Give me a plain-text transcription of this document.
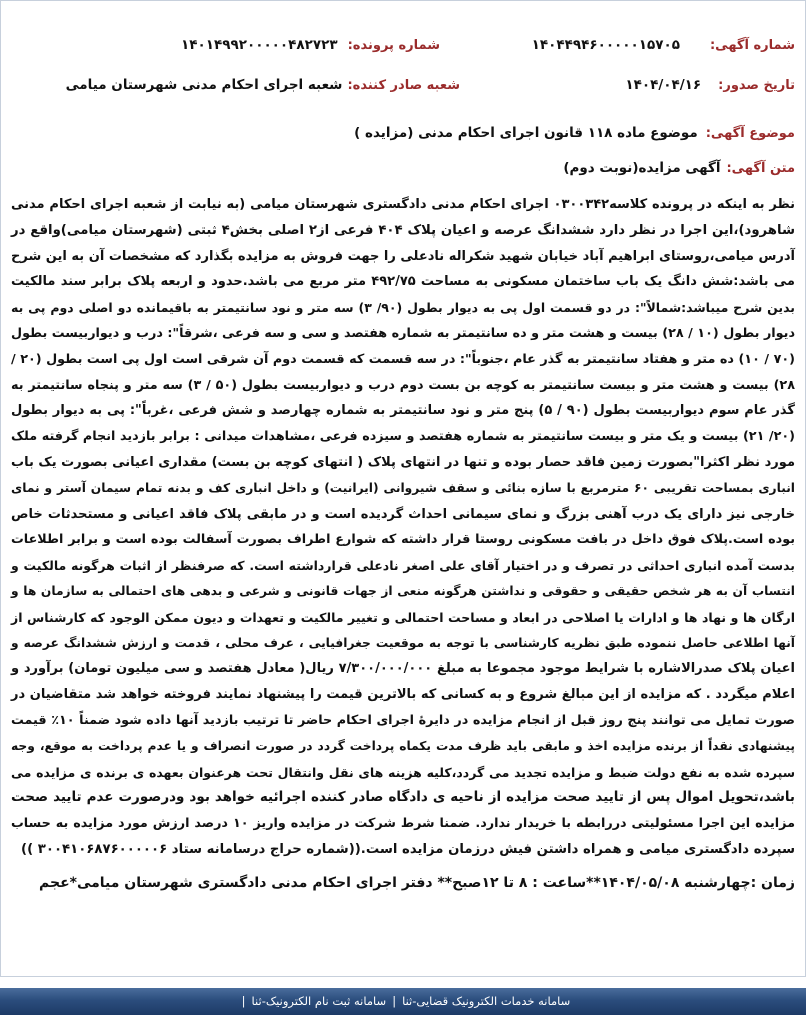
شماره آگهی:
۱۴۰۴۴۹۴۶۰۰۰۰۰۱۵۷۰۵
شماره پرونده:
۱۴۰۱۴۹۹۲۰۰۰۰۰۴۸۲۷۲۳
تاریخ صدور:
۱۴۰۴/۰۴/۱۶
شعبه صادر کننده:
شعبه اجرای احکام مدنی شهرستان میامی
موضوع آگهی:
موضوع ماده ۱۱۸ قانون اجرای احکام مدنی (مزایده )
متن آگهی:
آگهی مزایده(نوبت دوم)
نظر به اینکه در پرونده کلاسه۰۳۰۰۳۴۲ اجرای احکام مدنی دادگستری شهرستان میامی (به نیابت از شعبه اجرای احکام مدنی
شاهرود)،این اجرا در نظر دارد ششدانگ عرصه و اعیان پلاک ۴۰۴ فرعی از۲ اصلی بخش۴ ثبتی (شهرستان میامی)واقع در
آدرس میامی،روستای ابراهیم آباد خیابان شهید شکراله نادعلی را جهت فروش به مزایده بگذارد که مشخصات آن به این شرح
می باشد:شش دانگ یک باب ساختمان مسکونی به مساحت ۴۹۲/۷۵ متر مربع می باشد.حدود و اربعه پلاک برابر سند مالکیت
بدین شرح میباشد:شمالاً": در دو قسمت اول پی به دیوار بطول (۹۰/ ۳) سه متر و نود سانتیمتر به باقیمانده دو اصلی دوم پی به
دیوار بطول (۱۰ / ۲۸) بیست و هشت متر و ده سانتیمتر به شماره هفتصد و سی و سه فرعی ،شرقاً": درب و دیواربیست بطول
(۷۰ / ۱۰) ده متر و هفتاد سانتیمتر به گذر عام ،جنوباً": در سه قسمت که قسمت دوم آن شرقی است اول پی است بطول (۲۰ /
۲۸) بیست و هشت متر و بیست سانتیمتر به کوچه بن بست دوم درب و دیواربیست بطول (۵۰ / ۳) سه متر و پنجاه سانتیمتر به
گذر عام سوم دیواربیست بطول (۹۰ / ۵) پنج متر و نود سانتیمتر به شماره چهارصد و شش فرعی ،غرباً": پی به دیوار بطول
(۲۰/ ۲۱) بیست و یک متر و بیست سانتیمتر به شماره هفتصد و سیزده فرعی ،مشاهدات میدانی : برابر بازدید انجام گرفته ملک
مورد نظر اکثرا"بصورت زمین فاقد حصار بوده و تنها در انتهای پلاک ( انتهای کوچه بن بست) مقداری اعیانی بصورت یک باب
انباری بمساحت تقریبی ۶۰ مترمربع با سازه بنائی و سقف شیروانی (ایرانیت) و داخل انباری کف و بدنه تمام سیمان آستر و نمای
خارجی نیز دارای یک درب آهنی بزرگ و نمای سیمانی احداث گردیده است و در مابقی پلاک فاقد اعیانی و مستحدثات خاص
بوده است.پلاک فوق داخل در بافت مسکونی روستا قرار داشته که شوارع اطراف بصورت آسفالت بوده است و برابر اطلاعات
بدست آمده انباری احداثی در تصرف و در اختیار آقای علی اصغر نادعلی قرارداشته است. که صرفنظر از اثبات هرگونه مالکیت و
انتساب آن به هر شخص حقیقی و حقوقی و نداشتن هرگونه منعی از جهات قانونی و شرعی و بدهی های احتمالی به سازمان ها و
ارگان ها و نهاد ها و ادارات یا اصلاحی در ابعاد و مساحت احتمالی و تغییر مالکیت و تعهدات و دیون ممکن الوجود که کارشناس از
آنها اطلاعی حاصل ننموده طبق نظریه کارشناسی با توجه به موقعیت جغرافیایی ، عرف محلی ، قدمت و ارزش ششدانگ عرصه و
اعیان پلاک صدرالاشاره با شرایط موجود مجموعا به مبلغ ۷/۳۰۰/۰۰۰/۰۰۰ ریال( معادل هفتصد و سی میلیون تومان) برآورد و
اعلام میگردد . که مزایده از این مبالغ شروع و به کسانی که بالاترین قیمت را پیشنهاد نمایند فروخته خواهد شد متقاضیان در
صورت تمایل می توانند پنج روز قبل از انجام مزایده در دایرهٔ اجرای احکام حاضر تا ترتیب بازدید آنها داده شود ضمناً ۱۰٪ قیمت
پیشنهادی نقداً از برنده مزایده اخذ و مابقی باید ظرف مدت یکماه پرداخت گردد در صورت انصراف و یا عدم پرداخت به موقع، وجه
سپرده شده به نفع دولت ضبط و مزایده تجدید می گردد،کلیه هزینه های نقل وانتقال تحت هرعنوان بعهده ی برنده ی مزایده می
باشد،تحویل اموال پس از تایید صحت مزایده از ناحیه ی دادگاه صادر کننده اجرائیه خواهد بود ودرصورت عدم تایید صحت
مزایده این اجرا مسئولیتی دررابطه با خریدار ندارد. ضمنا شرط شرکت در مزایده واریز ۱۰ درصد ارزش مورد مزایده به حساب
سپرده دادگستری میامی و همراه داشتن فیش درزمان مزایده است.((شماره حراج درسامانه ستاد ۳۰۰۴۱۰۶۸۷۶۰۰۰۰۰۶ ))
زمان :چهارشنبه ۱۴۰۴/۰۵/۰۸**ساعت : ۸ تا ۱۲صبح** دفتر اجرای احکام مدنی دادگستری شهرستان میامی*عجم
سامانه خدمات الکترونیک قضایی-ثنا|سامانه ثبت نام الکترونیک-ثنا|
